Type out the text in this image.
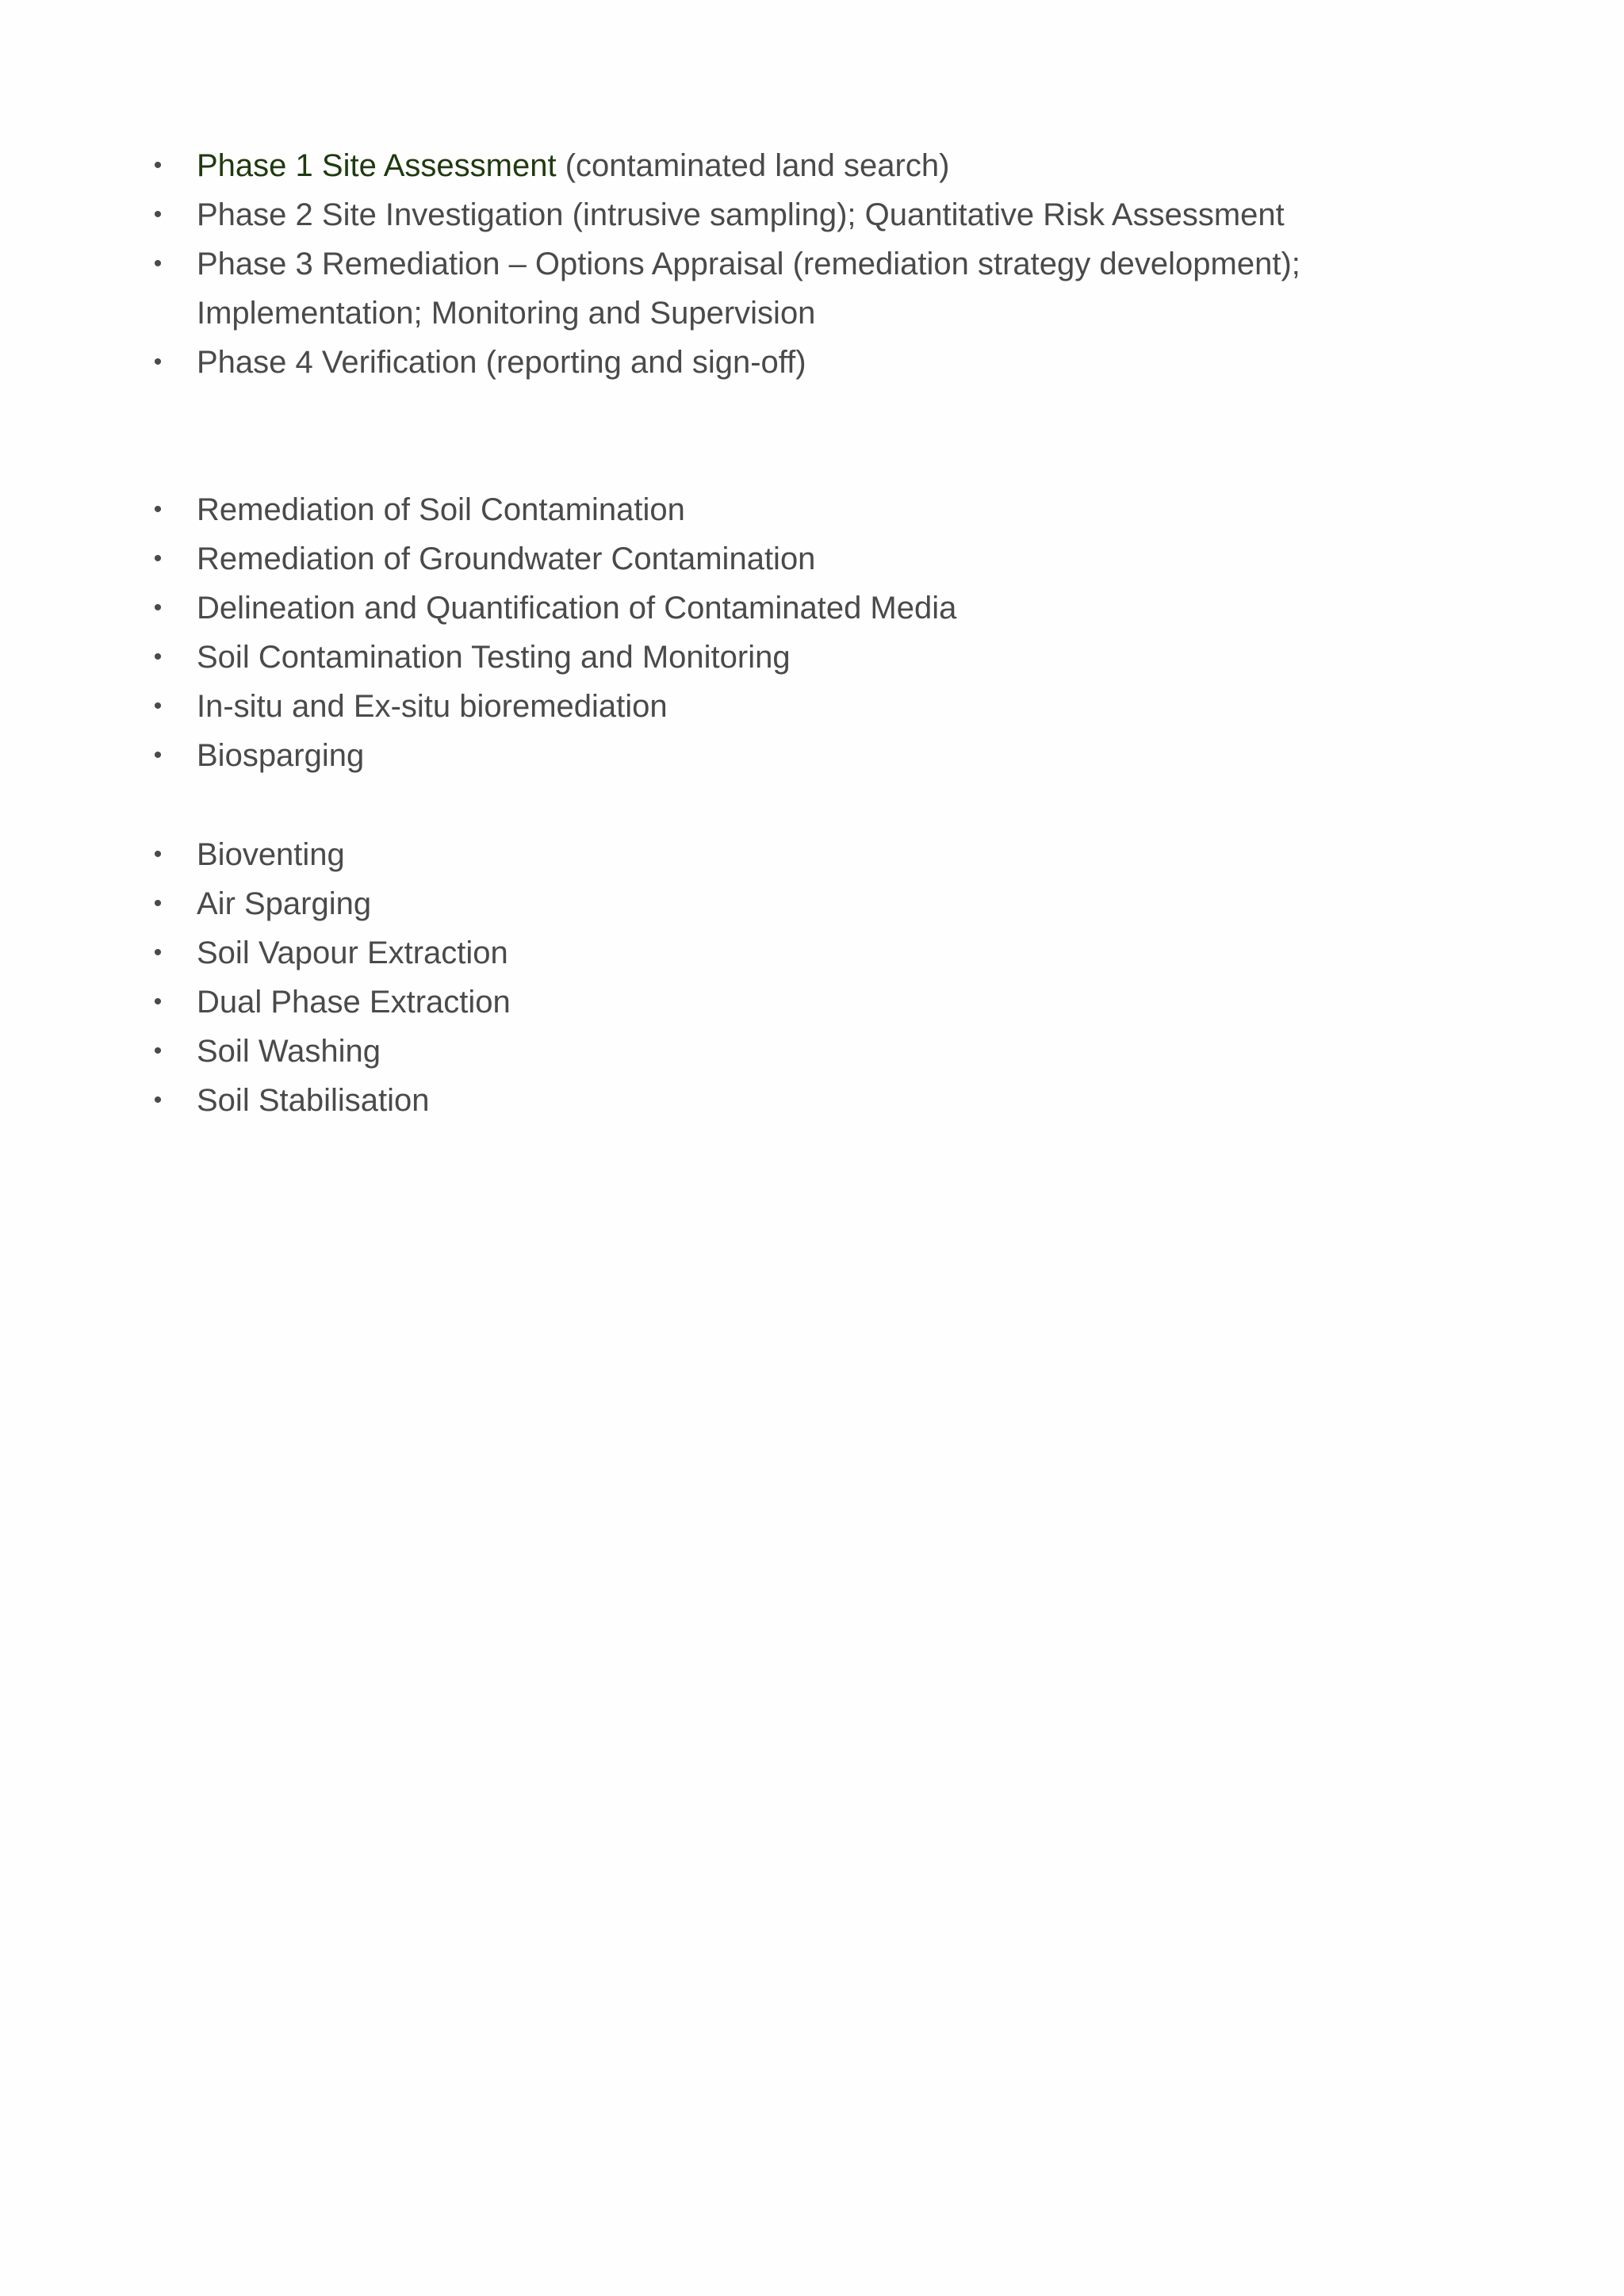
• Phase 1 Site Assessment (contaminated land search)
• Phase 2 Site Investigation (intrusive sampling); Quantitative Risk Assessment
• Phase 3 Remediation – Options Appraisal (remediation strategy development); Implementation; Monitoring and Supervision
• Phase 4 Verification (reporting and sign-off)
• Remediation of Soil Contamination
• Remediation of Groundwater Contamination
• Delineation and Quantification of Contaminated Media
• Soil Contamination Testing and Monitoring
• In-situ and Ex-situ bioremediation
• Biosparging
• Bioventing
• Air Sparging
• Soil Vapour Extraction
• Dual Phase Extraction
• Soil Washing
• Soil Stabilisation
